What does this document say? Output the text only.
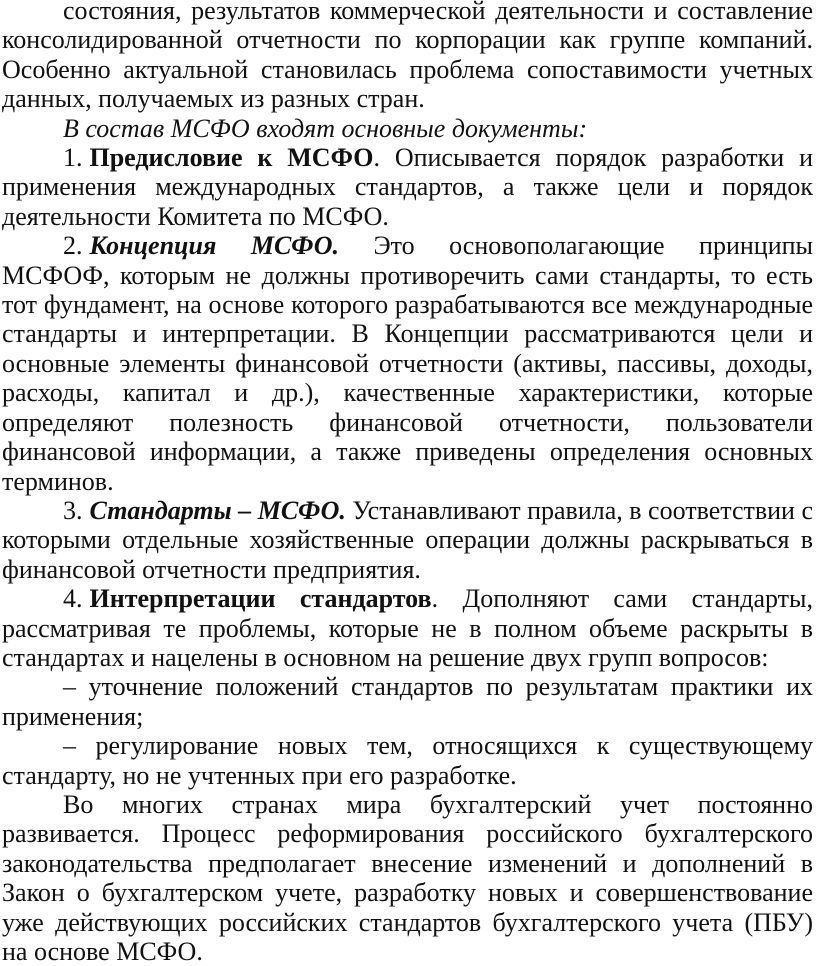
состояния, результатов коммерческой деятельности и составление консолидированной отчетности по корпорации как группе компаний. Особенно актуальной становилась проблема сопоставимости учетных данных, получаемых из разных стран.

В состав МСФО входят основные документы:

1. Предисловие к МСФО. Описывается порядок разработки и применения международных стандартов, а также цели и порядок деятельности Комитета по МСФО.

2. Концепция МСФО. Это основополагающие принципы МСФОФ, которым не должны противоречить сами стандарты, то есть тот фундамент, на основе которого разрабатываются все международные стандарты и интерпретации. В Концепции рассматриваются цели и основные элементы финансовой отчетности (активы, пассивы, доходы, расходы, капитал и др.), качественные характеристики, которые определяют полезность финансовой отчетности, пользователи финансовой информации, а также приведены определения основных терминов.

3. Стандарты – МСФО. Устанавливают правила, в соответствии с которыми отдельные хозяйственные операции должны раскрываться в финансовой отчетности предприятия.

4. Интерпретации стандартов. Дополняют сами стандарты, рассматривая те проблемы, которые не в полном объеме раскрыты в стандартах и нацелены в основном на решение двух групп вопросов:

– уточнение положений стандартов по результатам практики их применения;

– регулирование новых тем, относящихся к существующему стандарту, но не учтенных при его разработке.

Во многих странах мира бухгалтерский учет постоянно развивается. Процесс реформирования российского бухгалтерского законодательства предполагает внесение изменений и дополнений в Закон о бухгалтерском учете, разработку новых и совершенствование уже действующих российских стандартов бухгалтерского учета (ПБУ) на основе МСФО.
